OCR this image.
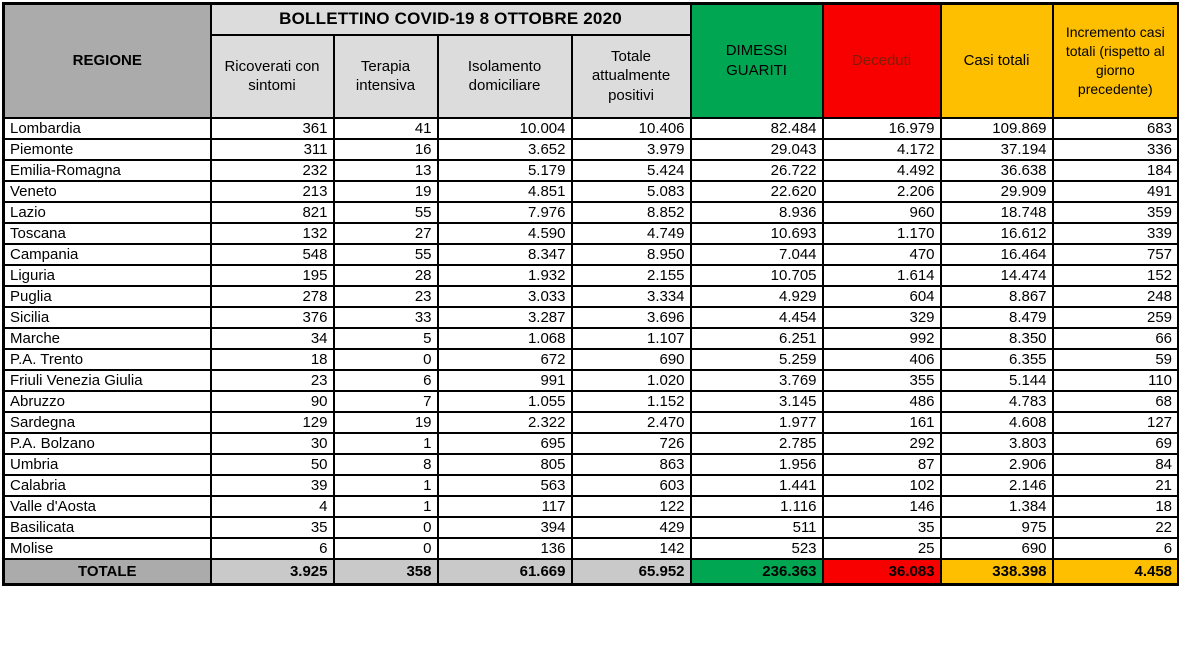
REGIONE	BOLLETTINO COVID-19 8 OTTOBRE 2020				DIMESSI GUARITI	Deceduti	Casi totali	Incremento casi totali (rispetto al giorno precedente)
	Ricoverati con sintomi	Terapia intensiva	Isolamento domiciliare	Totale attualmente positivi				
Lombardia	361	41	10.004	10.406	82.484	16.979	109.869	683
Piemonte	311	16	3.652	3.979	29.043	4.172	37.194	336
Emilia-Romagna	232	13	5.179	5.424	26.722	4.492	36.638	184
Veneto	213	19	4.851	5.083	22.620	2.206	29.909	491
Lazio	821	55	7.976	8.852	8.936	960	18.748	359
Toscana	132	27	4.590	4.749	10.693	1.170	16.612	339
Campania	548	55	8.347	8.950	7.044	470	16.464	757
Liguria	195	28	1.932	2.155	10.705	1.614	14.474	152
Puglia	278	23	3.033	3.334	4.929	604	8.867	248
Sicilia	376	33	3.287	3.696	4.454	329	8.479	259
Marche	34	5	1.068	1.107	6.251	992	8.350	66
P.A. Trento	18	0	672	690	5.259	406	6.355	59
Friuli Venezia Giulia	23	6	991	1.020	3.769	355	5.144	110
Abruzzo	90	7	1.055	1.152	3.145	486	4.783	68
Sardegna	129	19	2.322	2.470	1.977	161	4.608	127
P.A. Bolzano	30	1	695	726	2.785	292	3.803	69
Umbria	50	8	805	863	1.956	87	2.906	84
Calabria	39	1	563	603	1.441	102	2.146	21
Valle d'Aosta	4	1	117	122	1.116	146	1.384	18
Basilicata	35	0	394	429	511	35	975	22
Molise	6	0	136	142	523	25	690	6
TOTALE	3.925	358	61.669	65.952	236.363	36.083	338.398	4.458
